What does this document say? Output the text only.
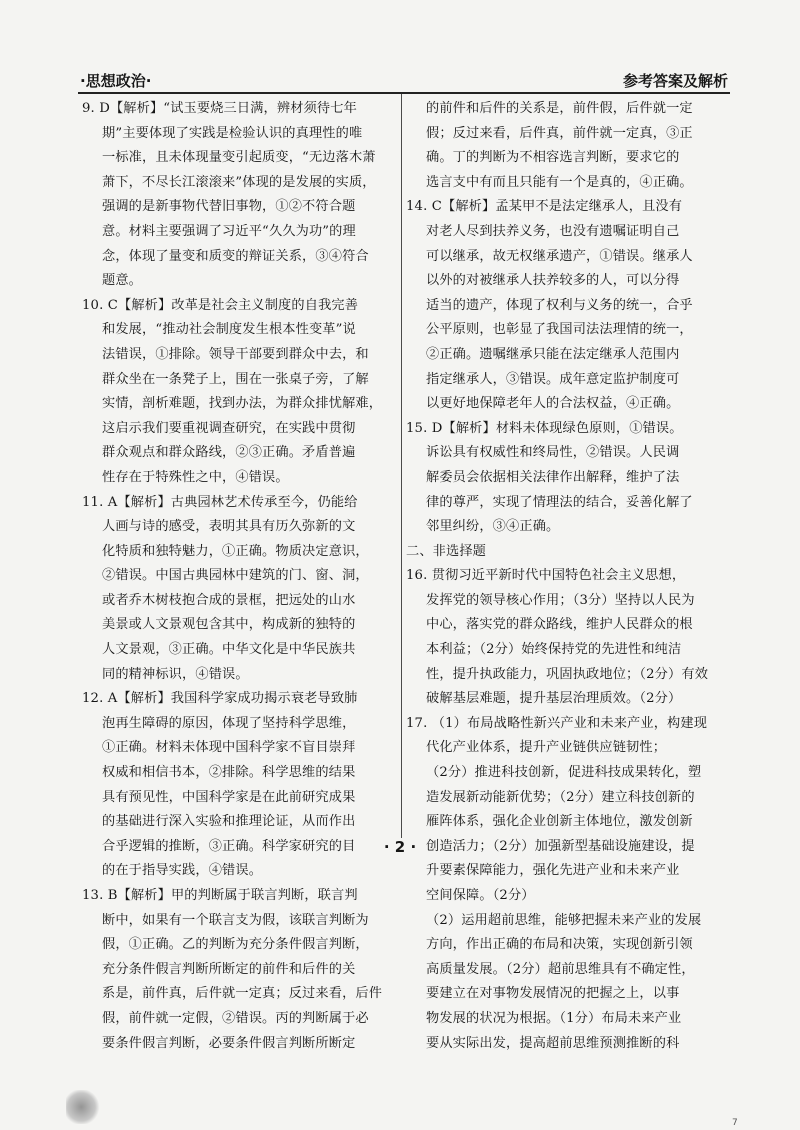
·思想政治·	参考答案及解析
9. D【解析】“试玉要烧三日满，辨材须待七年
期”主要体现了实践是检验认识的真理性的唯
一标准，且未体现量变引起质变，“无边落木萧
萧下，不尽长江滚滚来”体现的是发展的实质，
强调的是新事物代替旧事物，①②不符合题
意。材料主要强调了习近平“久久为功”的理
念，体现了量变和质变的辩证关系，③④符合
题意。
10. C【解析】改革是社会主义制度的自我完善
和发展，“推动社会制度发生根本性变革”说
法错误，①排除。领导干部要到群众中去，和
群众坐在一条凳子上，围在一张桌子旁，了解
实情，剖析难题，找到办法，为群众排忧解难，
这启示我们要重视调查研究，在实践中贯彻
群众观点和群众路线，②③正确。矛盾普遍
性存在于特殊性之中，④错误。
11. A【解析】古典园林艺术传承至今，仍能给
人画与诗的感受，表明其具有历久弥新的文
化特质和独特魅力，①正确。物质决定意识，
②错误。中国古典园林中建筑的门、窗、洞，
或者乔木树枝抱合成的景框，把远处的山水
美景或人文景观包含其中，构成新的独特的
人文景观，③正确。中华文化是中华民族共
同的精神标识，④错误。
12. A【解析】我国科学家成功揭示衰老导致肺
泡再生障碍的原因，体现了坚持科学思维，
①正确。材料未体现中国科学家不盲目崇拜
权威和相信书本，②排除。科学思维的结果
具有预见性，中国科学家是在此前研究成果
的基础进行深入实验和推理论证，从而作出
合乎逻辑的推断，③正确。科学家研究的目
的在于指导实践，④错误。
13. B【解析】甲的判断属于联言判断，联言判
断中，如果有一个联言支为假，该联言判断为
假，①正确。乙的判断为充分条件假言判断，
充分条件假言判断所断定的前件和后件的关
系是，前件真，后件就一定真；反过来看，后件
假，前件就一定假，②错误。丙的判断属于必
要条件假言判断，必要条件假言判断所断定
的前件和后件的关系是，前件假，后件就一定
假；反过来看，后件真，前件就一定真，③正
确。丁的判断为不相容选言判断，要求它的
选言支中有而且只能有一个是真的，④正确。
14. C【解析】孟某甲不是法定继承人，且没有
对老人尽到扶养义务，也没有遗嘱证明自己
可以继承，故无权继承遗产，①错误。继承人
以外的对被继承人扶养较多的人，可以分得
适当的遗产，体现了权利与义务的统一，合乎
公平原则，也彰显了我国司法法理情的统一，
②正确。遗嘱继承只能在法定继承人范围内
指定继承人，③错误。成年意定监护制度可
以更好地保障老年人的合法权益，④正确。
15. D【解析】材料未体现绿色原则，①错误。
诉讼具有权威性和终局性，②错误。人民调
解委员会依据相关法律作出解释，维护了法
律的尊严，实现了情理法的结合，妥善化解了
邻里纠纷，③④正确。
二、非选择题
16. 贯彻习近平新时代中国特色社会主义思想，
发挥党的领导核心作用；（3分）坚持以人民为
中心，落实党的群众路线，维护人民群众的根
本利益；（2分）始终保持党的先进性和纯洁
性，提升执政能力，巩固执政地位；（2分）有效
破解基层难题，提升基层治理质效。（2分）
17. （1）布局战略性新兴产业和未来产业，构建现
代化产业体系，提升产业链供应链韧性；
（2分）推进科技创新，促进科技成果转化，塑
造发展新动能新优势；（2分）建立科技创新的
雁阵体系，强化企业创新主体地位，激发创新
创造活力；（2分）加强新型基础设施建设，提
升要素保障能力，强化先进产业和未来产业
空间保障。（2分）
（2）运用超前思维，能够把握未来产业的发展
方向，作出正确的布局和决策，实现创新引领
高质量发展。（2分）超前思维具有不确定性，
要建立在对事物发展情况的把握之上，以事
物发展的状况为根据。（1分）布局未来产业
要从实际出发，提高超前思维预测推断的科
· 2 ·
7
